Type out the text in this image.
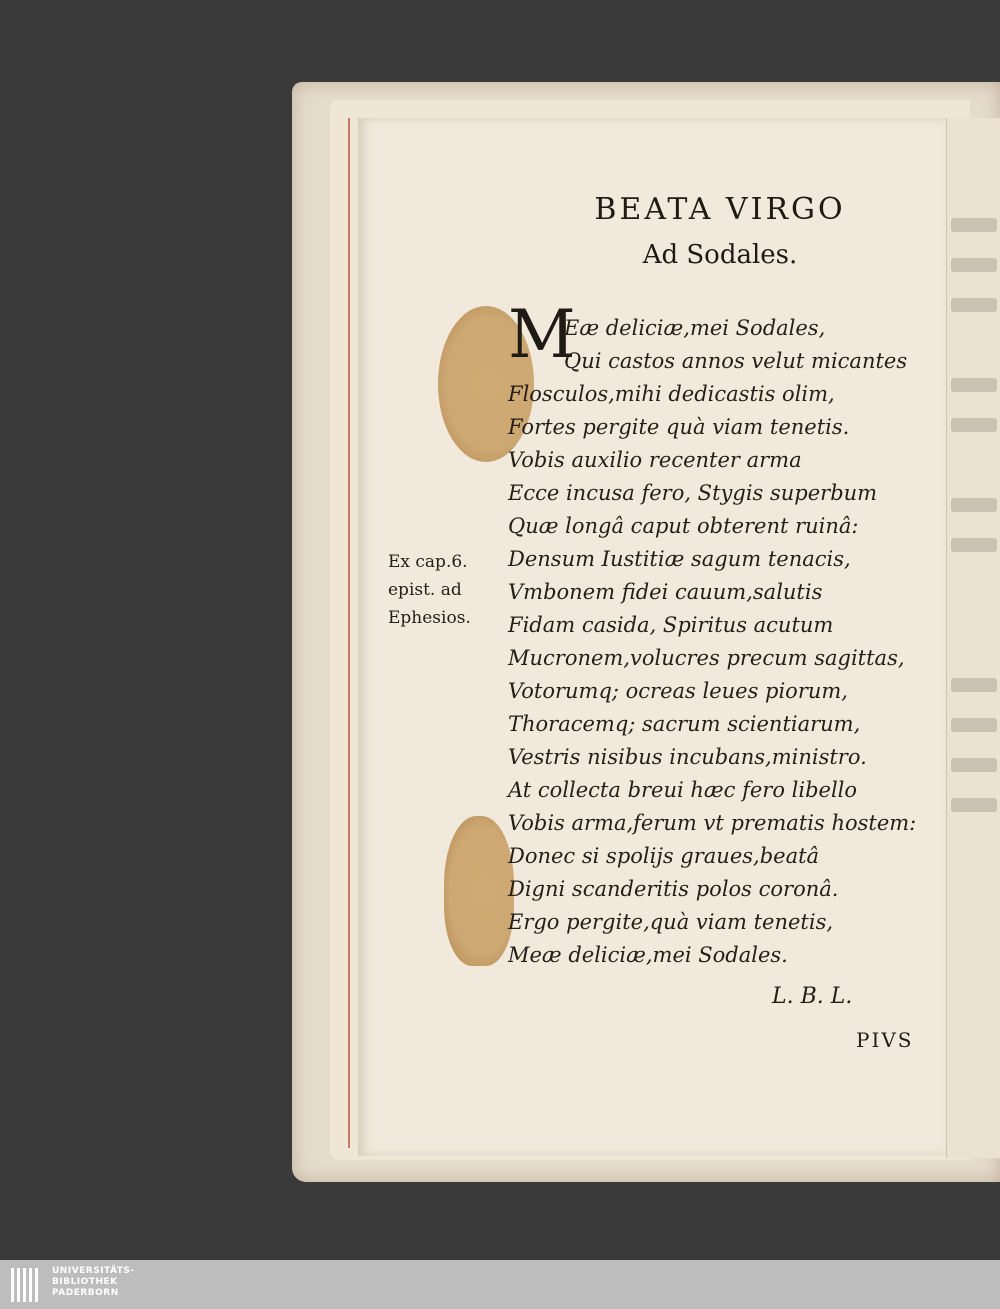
BEATA VIRGO
Ad Sodales.
M
Eæ deliciæ,mei Sodales,
Qui castos annos velut micantes
Flosculos,mihi dedicastis olim,
Fortes pergite quà viam tenetis.
Vobis auxilio recenter arma
Ecce incusa fero, Stygis superbum
Quæ longâ caput obterent ruinâ:
Densum Iustitiæ sagum tenacis,
Vmbonem fidei cauum,salutis
Fidam casida, Spiritus acutum
Mucronem,volucres precum sagittas,
Votorumq; ocreas leues piorum,
Thoracemq; sacrum scientiarum,
Vestris nisibus incubans,ministro.
At collecta breui hæc fero libello
Vobis arma,ferum vt prematis hostem:
Donec si spolijs graues,beatâ
Digni scanderitis polos coronâ.
Ergo pergite,quà viam tenetis,
Meæ deliciæ,mei Sodales.
Ex cap.6.
epist. ad
Ephesios.
L. B. L.
PIVS
UNIVERSITÄTS-
BIBLIOTHEK
PADERBORN
